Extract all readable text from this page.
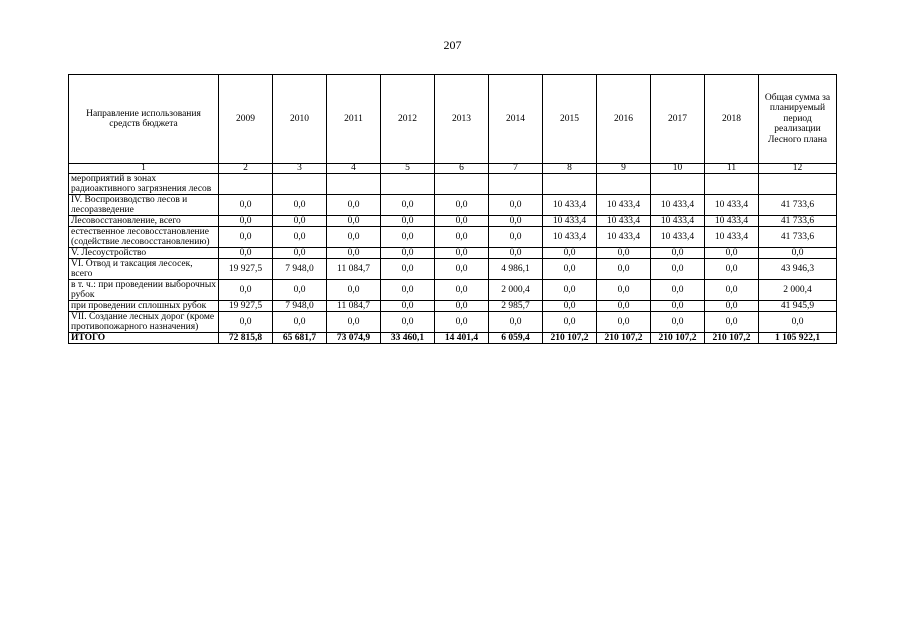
207
Направление использования средств бюджета	2009	2010	2011	2012	2013	2014	2015	2016	2017	2018	Общая сумма за планируемый период реализации Лесного плана
1	2	3	4	5	6	7	8	9	10	11	12
мероприятий в зонах радиоактивного загрязнения лесов											
IV. Воспроизводство лесов и лесоразведение	0,0	0,0	0,0	0,0	0,0	0,0	10 433,4	10 433,4	10 433,4	10 433,4	41 733,6
Лесовосстановление, всего	0,0	0,0	0,0	0,0	0,0	0,0	10 433,4	10 433,4	10 433,4	10 433,4	41 733,6
естественное лесовосстановление (содействие лесовосстановлению)	0,0	0,0	0,0	0,0	0,0	0,0	10 433,4	10 433,4	10 433,4	10 433,4	41 733,6
V. Лесоустройство	0,0	0,0	0,0	0,0	0,0	0,0	0,0	0,0	0,0	0,0	0,0
VI. Отвод и таксация лесосек, всего	19 927,5	7 948,0	11 084,7	0,0	0,0	4 986,1	0,0	0,0	0,0	0,0	43 946,3
в т. ч.: при проведении выборочных рубок	0,0	0,0	0,0	0,0	0,0	2 000,4	0,0	0,0	0,0	0,0	2 000,4
при проведении сплошных рубок	19 927,5	7 948,0	11 084,7	0,0	0,0	2 985,7	0,0	0,0	0,0	0,0	41 945,9
VII. Создание лесных дорог (кроме противопожарного назначения)	0,0	0,0	0,0	0,0	0,0	0,0	0,0	0,0	0,0	0,0	0,0
ИТОГО	72 815,8	65 681,7	73 074,9	33 460,1	14 401,4	6 059,4	210 107,2	210 107,2	210 107,2	210 107,2	1 105 922,1
